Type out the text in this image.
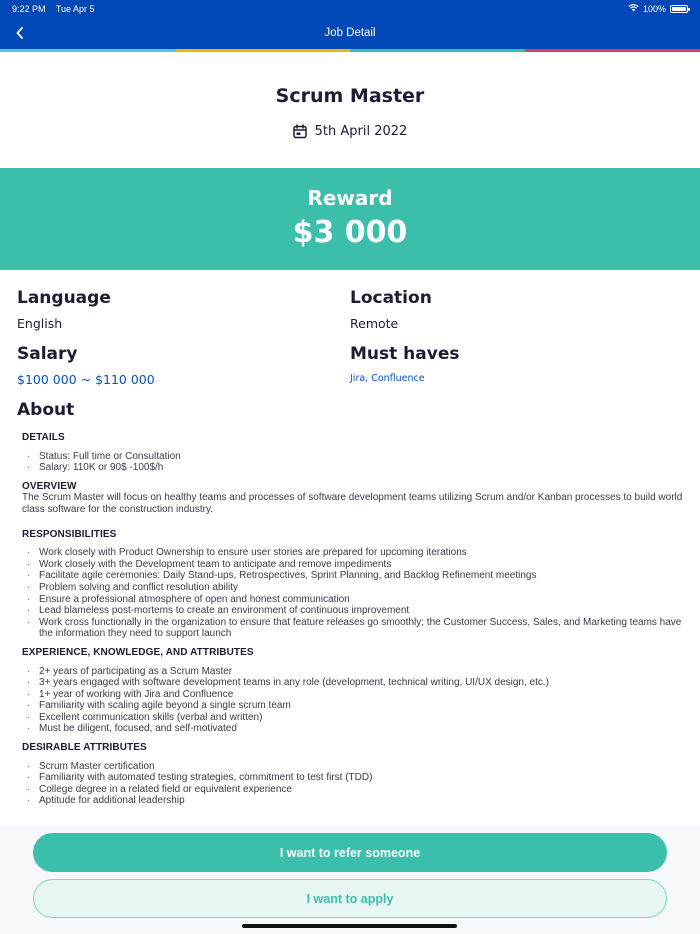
9:22 PM Tue Apr 5	100%
Job Detail
Scrum Master
5th April 2022
Reward
$3 000
Language
English
Location
Remote
Salary
$100 000 ~ $110 000
Must haves
Jira, Confluence
About
DETAILS
· Status: Full time or Consultation
· Salary: 110K or 90$ -100$/h
OVERVIEW

The Scrum Master will focus on healthy teams and processes of software development teams utilizing Scrum and/or Kanban processes to build world class software for the construction industry.

RESPONSIBILITIES
· Work closely with Product Ownership to ensure user stories are prepared for upcoming iterations
· Work closely with the Development team to anticipate and remove impediments
· Facilitate agile ceremonies: Daily Stand-ups, Retrospectives, Sprint Planning, and Backlog Refinement meetings
· Problem solving and conflict resolution ability
· Ensure a professional atmosphere of open and honest communication
· Lead blameless post-mortems to create an environment of continuous improvement
· Work cross functionally in the organization to ensure that feature releases go smoothly; the Customer Success, Sales, and Marketing teams have the information they need to support launch
EXPERIENCE, KNOWLEDGE, AND ATTRIBUTES
· 2+ years of participating as a Scrum Master
· 3+ years engaged with software development teams in any role (development, technical writing, UI/UX design, etc.)
· 1+ year of working with Jira and Confluence
· Familiarity with scaling agile beyond a single scrum team
· Excellent communication skills (verbal and written)
· Must be diligent, focused, and self-motivated
DESIRABLE ATTRIBUTES
· Scrum Master certification
· Familiarity with automated testing strategies, commitment to test first (TDD)
· College degree in a related field or equivalent experience
· Aptitude for additional leadership
I want to refer someone
I want to apply
